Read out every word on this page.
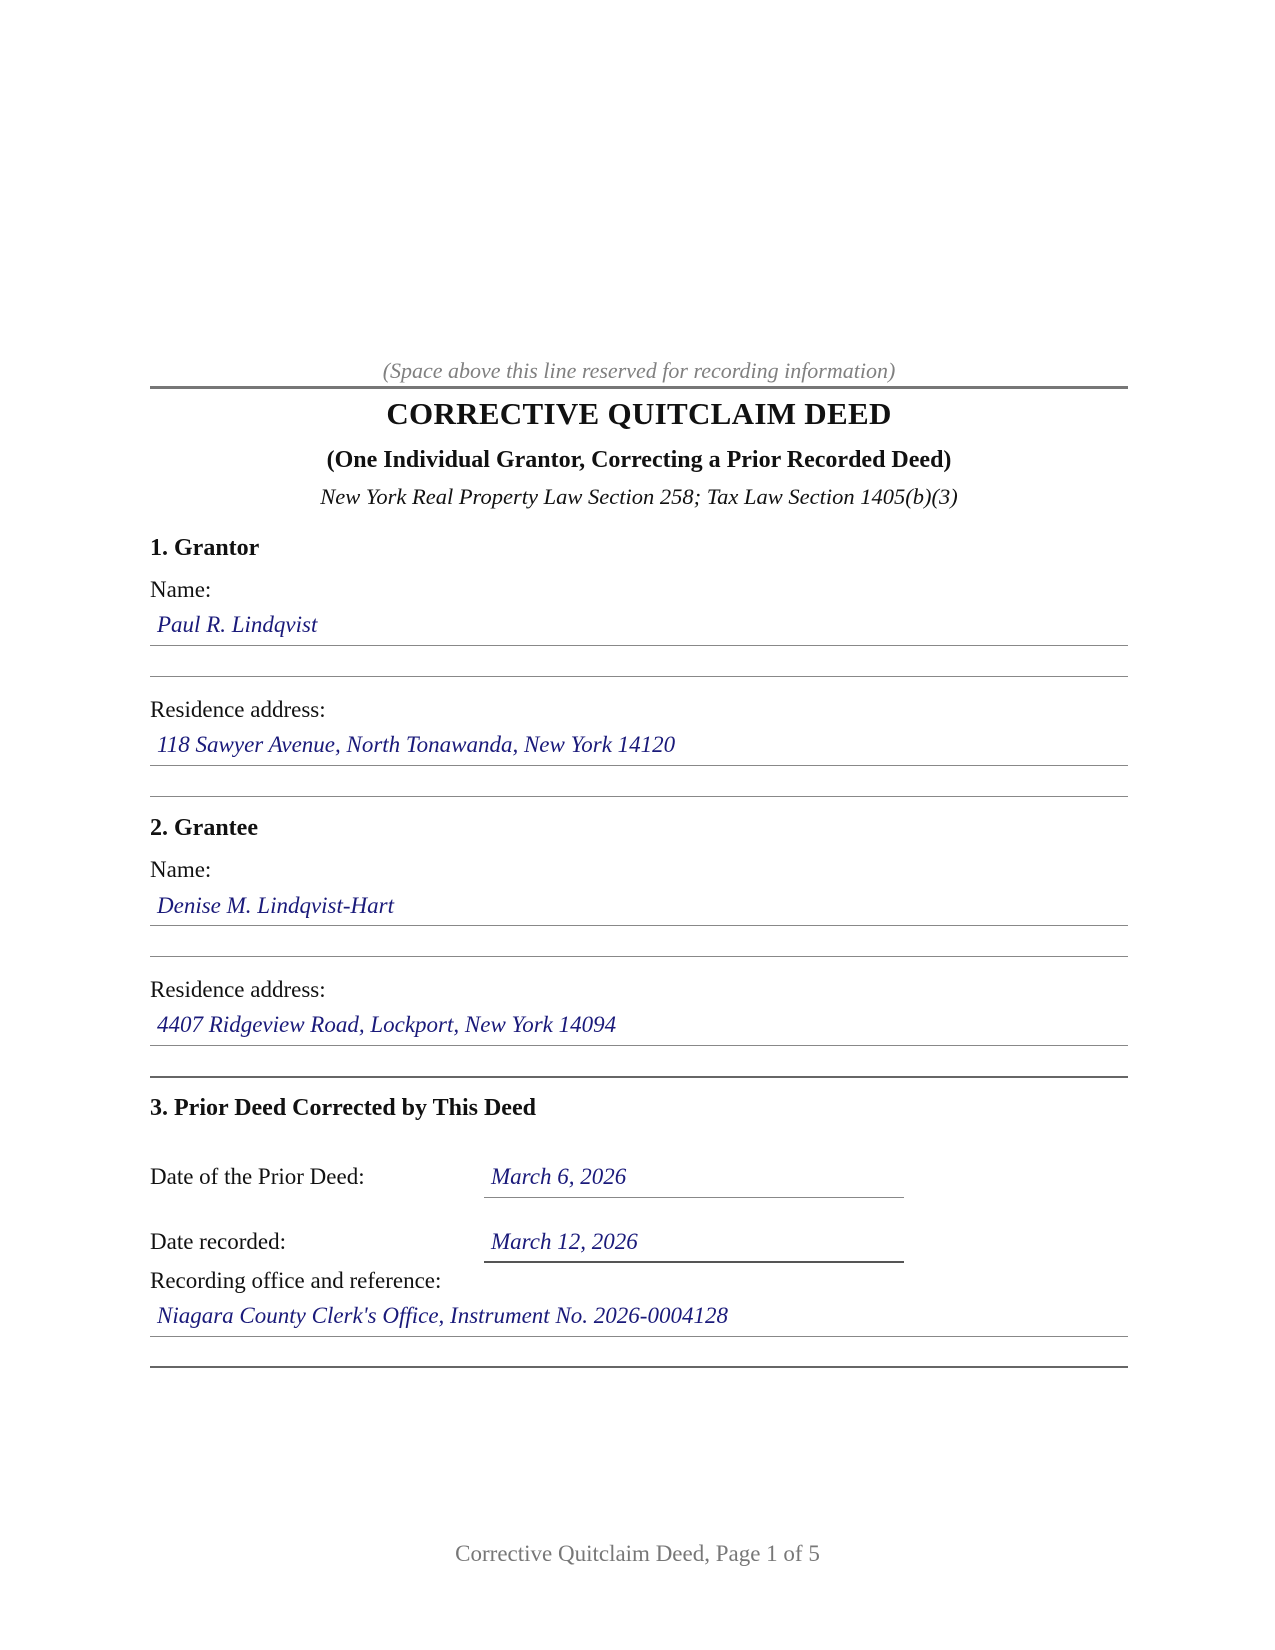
(Space above this line reserved for recording information)
CORRECTIVE QUITCLAIM DEED
(One Individual Grantor, Correcting a Prior Recorded Deed)
New York Real Property Law Section 258; Tax Law Section 1405(b)(3)
1. Grantor
Name:
Paul R. Lindqvist
Residence address:
118 Sawyer Avenue, North Tonawanda, New York 14120
2. Grantee
Name:
Denise M. Lindqvist-Hart
Residence address:
4407 Ridgeview Road, Lockport, New York 14094
3. Prior Deed Corrected by This Deed
Date of the Prior Deed:	March 6, 2026
Date recorded:	March 12, 2026
Recording office and reference:
Niagara County Clerk's Office, Instrument No. 2026-0004128
Corrective Quitclaim Deed, Page 1 of 5
